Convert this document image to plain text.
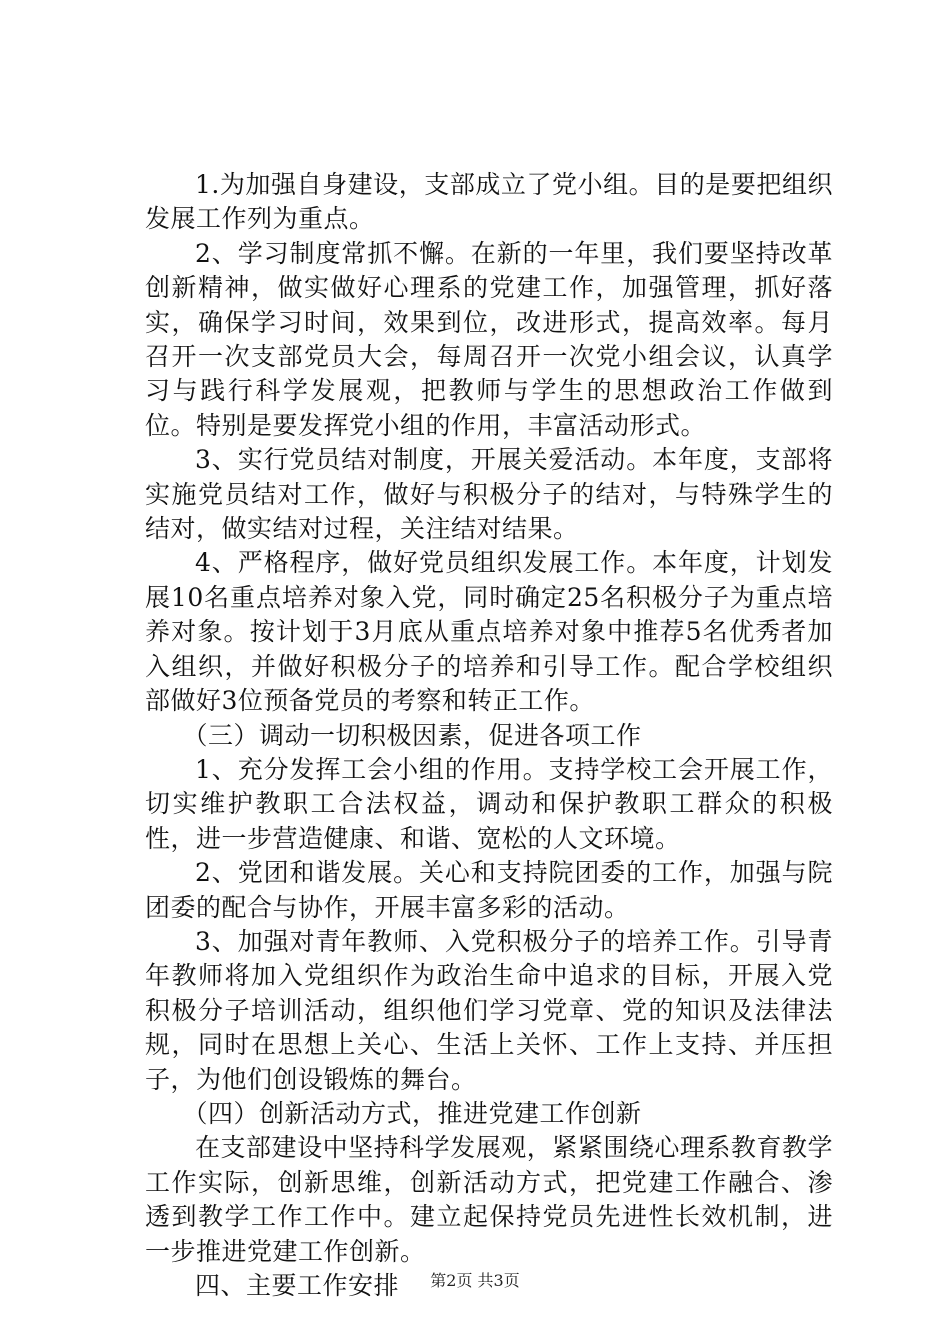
1.为加强自身建设，支部成立了党小组。目的是要把组织发展工作列为重点。

2、学习制度常抓不懈。在新的一年里，我们要坚持改革创新精神，做实做好心理系的党建工作，加强管理，抓好落实，确保学习时间，效果到位，改进形式，提高效率。每月召开一次支部党员大会，每周召开一次党小组会议，认真学习与践行科学发展观，把教师与学生的思想政治工作做到位。特别是要发挥党小组的作用，丰富活动形式。

3、实行党员结对制度，开展关爱活动。本年度，支部将实施党员结对工作，做好与积极分子的结对，与特殊学生的结对，做实结对过程，关注结对结果。

4、严格程序，做好党员组织发展工作。本年度，计划发展10名重点培养对象入党，同时确定25名积极分子为重点培养对象。按计划于3月底从重点培养对象中推荐5名优秀者加入组织，并做好积极分子的培养和引导工作。配合学校组织部做好3位预备党员的考察和转正工作。

（三）调动一切积极因素，促进各项工作

1、充分发挥工会小组的作用。支持学校工会开展工作，切实维护教职工合法权益，调动和保护教职工群众的积极性，进一步营造健康、和谐、宽松的人文环境。

2、党团和谐发展。关心和支持院团委的工作，加强与院团委的配合与协作，开展丰富多彩的活动。

3、加强对青年教师、入党积极分子的培养工作。引导青年教师将加入党组织作为政治生命中追求的目标，开展入党积极分子培训活动，组织他们学习党章、党的知识及法律法规，同时在思想上关心、生活上关怀、工作上支持、并压担子，为他们创设锻炼的舞台。

（四）创新活动方式，推进党建工作创新

在支部建设中坚持科学发展观，紧紧围绕心理系教育教学工作实际，创新思维，创新活动方式，把党建工作融合、渗透到教学工作工作中。建立起保持党员先进性长效机制，进一步推进党建工作创新。

四、主要工作安排	第2页 共3页
